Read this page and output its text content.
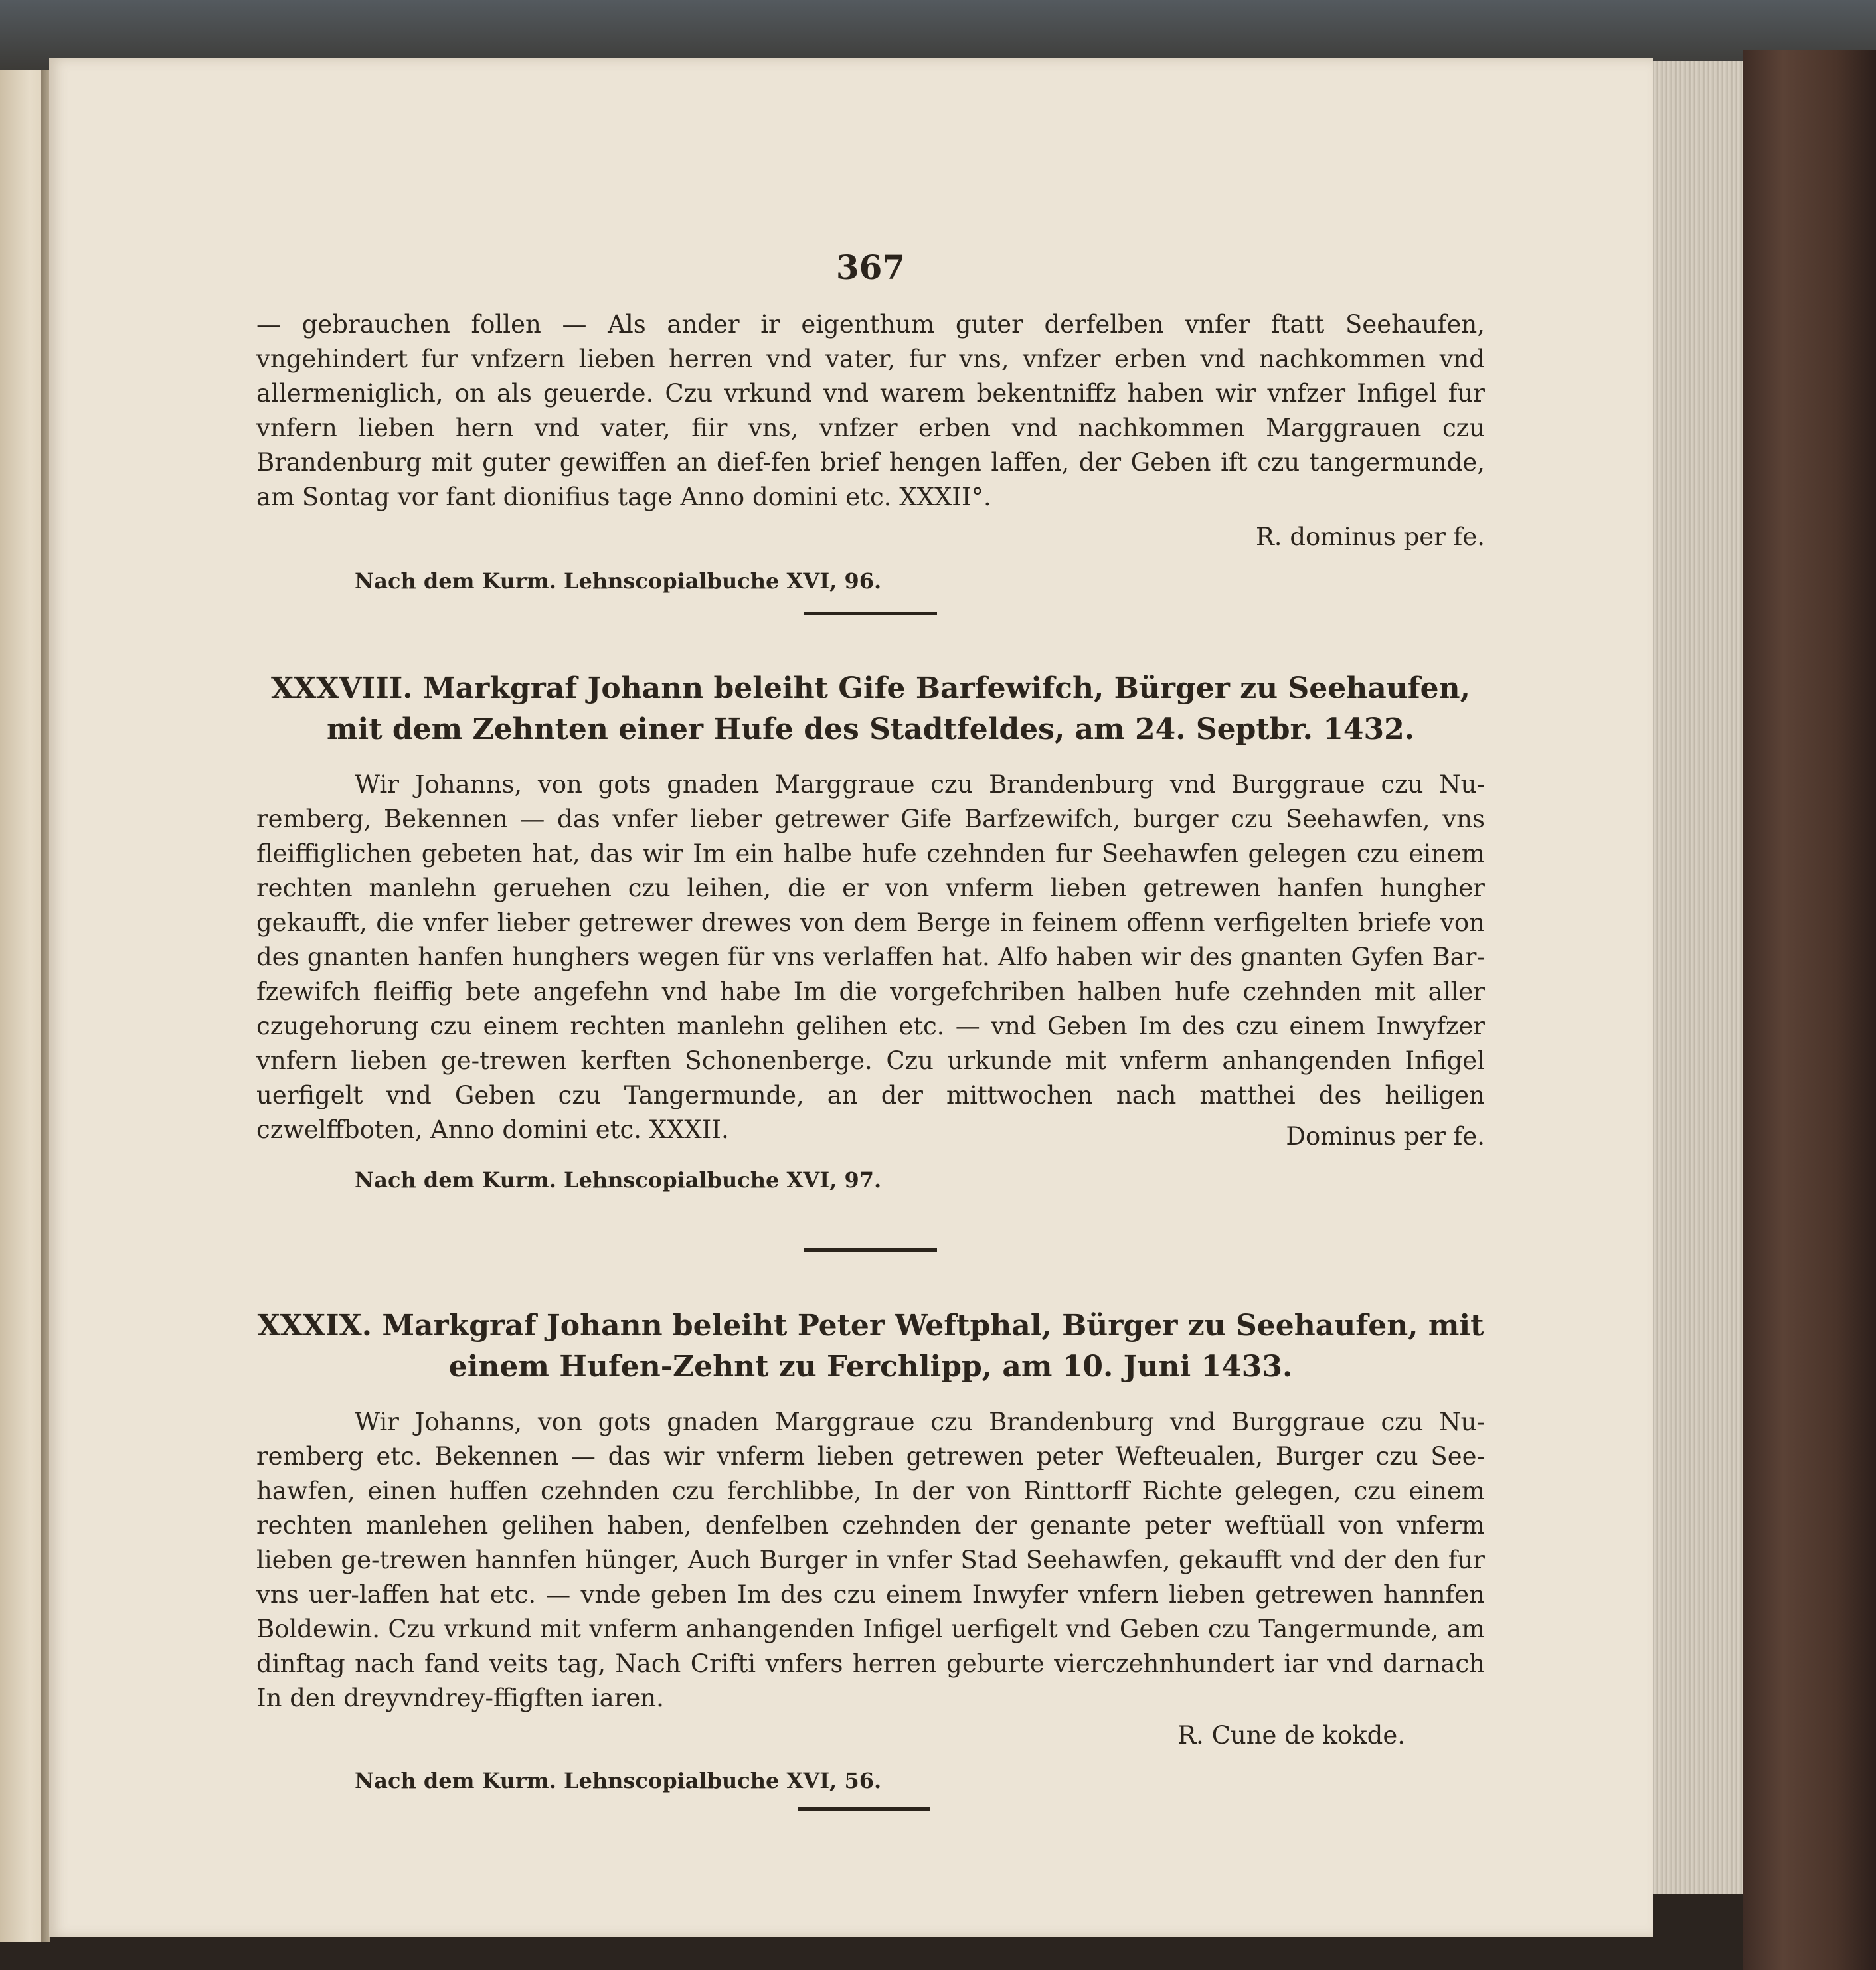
367

— gebrauchen follen — Als ander ir eigenthum guter derfelben vnfer ftatt Seehaufen, vngehindert fur vnfzern lieben herren vnd vater, fur vns, vnfzer erben vnd nachkommen vnd allermeniglich, on als geuerde. Czu vrkund vnd warem bekentniffz haben wir vnfzer Infigel fur vnfern lieben hern vnd vater, fiir vns, vnfzer erben vnd nachkommen Marggrauen czu Brandenburg mit guter gewiffen an dief-fen brief hengen laffen, der Geben ift czu tangermunde, am Sontag vor fant dionifius tage Anno domini etc. XXXII°.

R. dominus per fe.
Nach dem Kurm. Lehnscopialbuche XVI, 96.

XXXVIII. Markgraf Johann beleiht Gife Barfewifch, Bürger zu Seehaufen, mit dem Zehnten einer Hufe des Stadtfeldes, am 24. Septbr. 1432.

Wir Johanns, von gots gnaden Marggraue czu Brandenburg vnd Burggraue czu Nu-remberg, Bekennen — das vnfer lieber getrewer Gife Barfzewifch, burger czu Seehawfen, vns fleiffiglichen gebeten hat, das wir Im ein halbe hufe czehnden fur Seehawfen gelegen czu einem rechten manlehn geruehen czu leihen, die er von vnferm lieben getrewen hanfen hungher gekaufft, die vnfer lieber getrewer drewes von dem Berge in feinem offenn verfigelten briefe von des gnanten hanfen hunghers wegen für vns verlaffen hat. Alfo haben wir des gnanten Gyfen Bar-fzewifch fleiffig bete angefehn vnd habe Im die vorgefchriben halben hufe czehnden mit aller czugehorung czu einem rechten manlehn gelihen etc. — vnd Geben Im des czu einem Inwyfzer vnfern lieben ge-trewen kerften Schonenberge. Czu urkunde mit vnferm anhangenden Infigel uerfigelt vnd Geben czu Tangermunde, an der mittwochen nach matthei des heiligen czwelffboten, Anno domini etc. XXXII.	Dominus per fe.
Nach dem Kurm. Lehnscopialbuche XVI, 97.

XXXIX. Markgraf Johann beleiht Peter Weftphal, Bürger zu Seehaufen, mit einem Hufen-Zehnt zu Ferchlipp, am 10. Juni 1433.

Wir Johanns, von gots gnaden Marggraue czu Brandenburg vnd Burggraue czu Nu-remberg etc. Bekennen — das wir vnferm lieben getrewen peter Wefteualen, Burger czu See-hawfen, einen huffen czehnden czu ferchlibbe, In der von Rinttorff Richte gelegen, czu einem rechten manlehen gelihen haben, denfelben czehnden der genante peter weftüall von vnferm lieben ge-trewen hannfen hünger, Auch Burger in vnfer Stad Seehawfen, gekaufft vnd der den fur vns uer-laffen hat etc. — vnde geben Im des czu einem Inwyfer vnfern lieben getrewen hannfen Boldewin. Czu vrkund mit vnferm anhangenden Infigel uerfigelt vnd Geben czu Tangermunde, am dinftag nach fand veits tag, Nach Crifti vnfers herren geburte vierczehnhundert iar vnd darnach In den dreyvndrey-ffigften iaren.

R. Cune de kokde.
Nach dem Kurm. Lehnscopialbuche XVI, 56.
